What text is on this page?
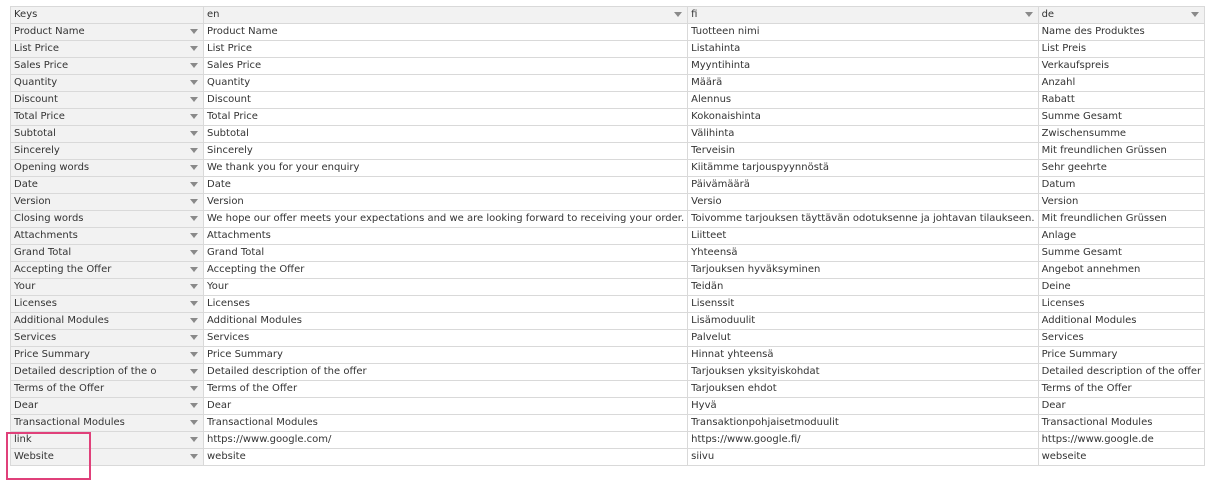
Keys	en	fi	de

Product Name	Product Name	Tuotteen nimi	Name des Produktes

List Price	List Price	Listahinta	List Preis

Sales Price	Sales Price	Myyntihinta	Verkaufspreis

Quantity	Quantity	Määrä	Anzahl

Discount	Discount	Alennus	Rabatt

Total Price	Total Price	Kokonaishinta	Summe Gesamt

Subtotal	Subtotal	Välihinta	Zwischensumme

Sincerely	Sincerely	Terveisin	Mit freundlichen Grüssen

Opening words	We thank you for your enquiry	Kiitämme tarjouspyynnöstä	Sehr geehrte

Date	Date	Päivämäärä	Datum

Version	Version	Versio	Version

Closing words	We hope our offer meets your expectations and we are looking forward to receiving your order.	Toivomme tarjouksen täyttävän odotuksenne ja johtavan tilaukseen.	Mit freundlichen Grüssen

Attachments	Attachments	Liitteet	Anlage

Grand Total	Grand Total	Yhteensä	Summe Gesamt

Accepting the Offer	Accepting the Offer	Tarjouksen hyväksyminen	Angebot annehmen

Your	Your	Teidän	Deine

Licenses	Licenses	Lisenssit	Licenses

Additional Modules	Additional Modules	Lisämoduulit	Additional Modules

Services	Services	Palvelut	Services

Price Summary	Price Summary	Hinnat yhteensä	Price Summary

Detailed description of the o	Detailed description of the offer	Tarjouksen yksityiskohdat	Detailed description of the offer

Terms of the Offer	Terms of the Offer	Tarjouksen ehdot	Terms of the Offer

Dear	Dear	Hyvä	Dear

Transactional Modules	Transactional Modules	Transaktionpohjaisetmoduulit	Transactional Modules

link	https://www.google.com/	https://www.google.fi/	https://www.google.de

Website	website	siivu	webseite
